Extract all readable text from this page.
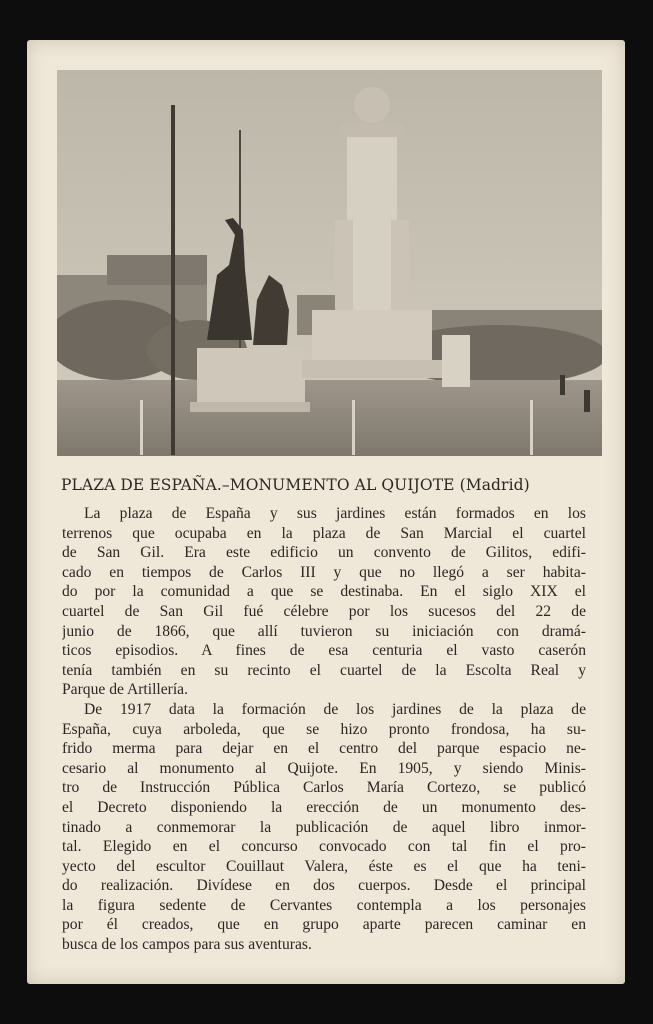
PLAZA DE ESPAÑA.–MONUMENTO AL QUIJOTE (Madrid)
La plaza de España y sus jardines están formados en los
terrenos que ocupaba en la plaza de San Marcial el cuartel
de San Gil. Era este edificio un convento de Gilitos, edifi-
cado en tiempos de Carlos III y que no llegó a ser habita-
do por la comunidad a que se destinaba. En el siglo XIX el
cuartel de San Gil fué célebre por los sucesos del 22 de
junio de 1866, que allí tuvieron su iniciación con dramá-
ticos episodios. A fines de esa centuria el vasto caserón
tenía también en su recinto el cuartel de la Escolta Real y
Parque de Artillería.
De 1917 data la formación de los jardines de la plaza de
España, cuya arboleda, que se hizo pronto frondosa, ha su-
frido merma para dejar en el centro del parque espacio ne-
cesario al monumento al Quijote. En 1905, y siendo Minis-
tro de Instrucción Pública Carlos María Cortezo, se publicó
el Decreto disponiendo la erección de un monumento des-
tinado a conmemorar la publicación de aquel libro inmor-
tal. Elegido en el concurso convocado con tal fin el pro-
yecto del escultor Couillaut Valera, éste es el que ha teni-
do realización. Divídese en dos cuerpos. Desde el principal
la figura sedente de Cervantes contempla a los personajes
por él creados, que en grupo aparte parecen caminar en
busca de los campos para sus aventuras.
